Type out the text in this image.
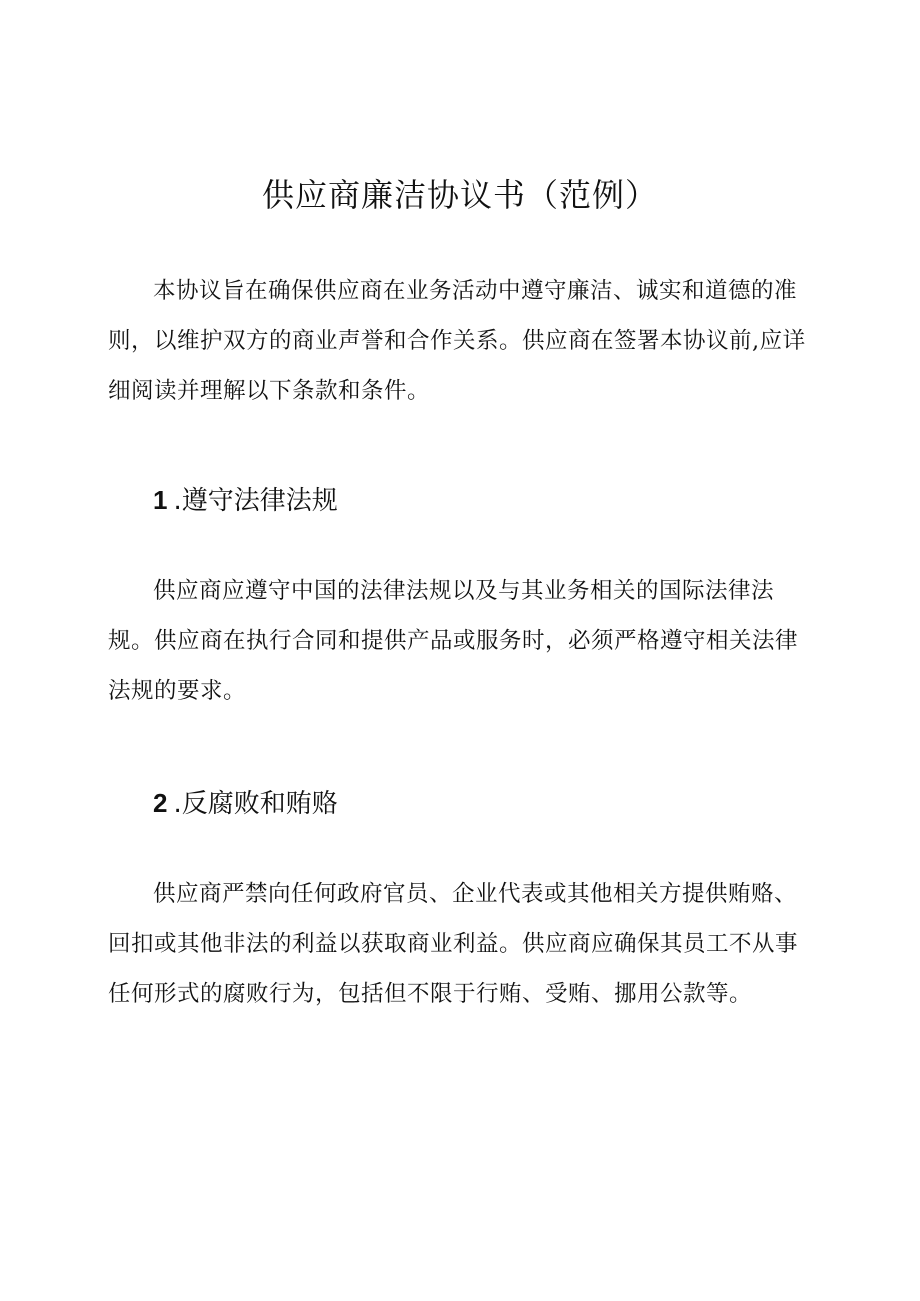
供应商廉洁协议书（范例）

本协议旨在确保供应商在业务活动中遵守廉洁、诚实和道德的准则，以维护双方的商业声誉和合作关系。供应商在签署本协议前,应详细阅读并理解以下条款和条件。

1 .遵守法律法规

供应商应遵守中国的法律法规以及与其业务相关的国际法律法规。供应商在执行合同和提供产品或服务时，必须严格遵守相关法律法规的要求。

2 .反腐败和贿赂

供应商严禁向任何政府官员、企业代表或其他相关方提供贿赂、回扣或其他非法的利益以获取商业利益。供应商应确保其员工不从事任何形式的腐败行为，包括但不限于行贿、受贿、挪用公款等。
